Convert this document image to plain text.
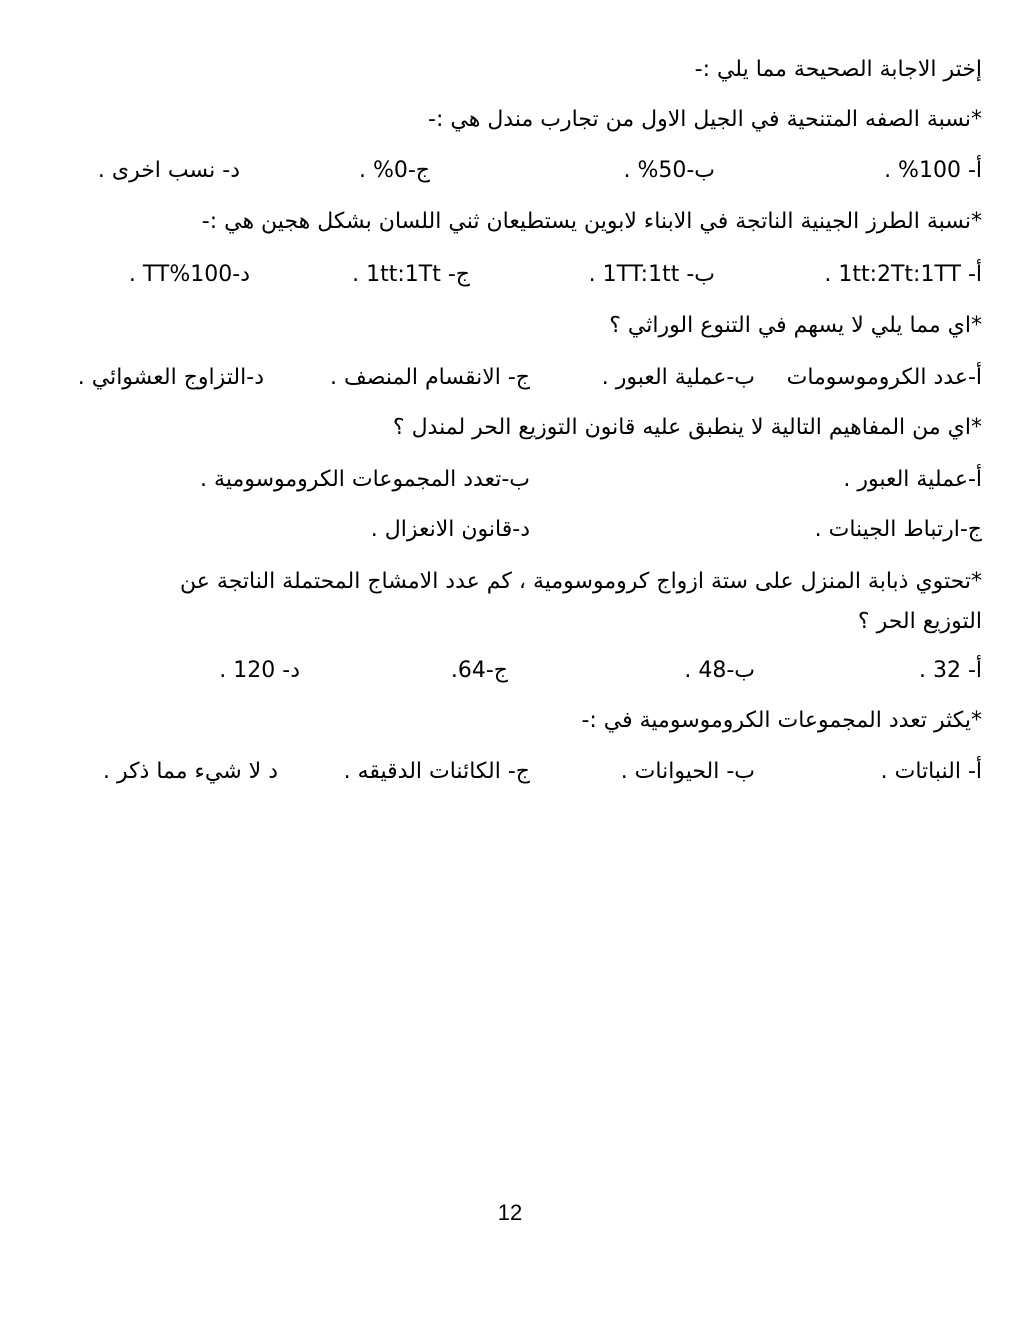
إختر الاجابة الصحيحة مما يلي :-
*نسبة الصفه المتنحية في الجيل الاول من تجارب مندل هي :-
أ- 100% .
ب-50% .
ج-0% .
د- نسب اخرى .
*نسبة الطرز الجينية الناتجة في الابناء لابوين يستطيعان ثني اللسان بشكل هجين هي :-
أ- 1tt:2Tt:1TT .
ب- 1TT:1tt .
ج- 1tt:1Tt .
د-100%TT .
*اي مما يلي لا يسهم في التنوع الوراثي ؟
أ-عدد الكروموسومات
ب-عملية العبور .
ج- الانقسام المنصف .
د-التزاوج العشوائي .
*اي من المفاهيم التالية لا ينطبق عليه قانون التوزيع الحر لمندل ؟
أ-عملية العبور .
ب-تعدد المجموعات الكروموسومية .
ج-ارتباط الجينات .
د-قانون الانعزال .
*تحتوي ذبابة المنزل على ستة ازواج كروموسومية ، كم عدد الامشاج المحتملة الناتجة عن التوزيع الحر ؟
أ- 32 .
ب-48 .
ج-64.
د- 120 .
*يكثر تعدد المجموعات الكروموسومية في :-
أ- النباتات .
ب- الحيوانات .
ج- الكائنات الدقيقه .
د لا شيء مما ذكر .
12
